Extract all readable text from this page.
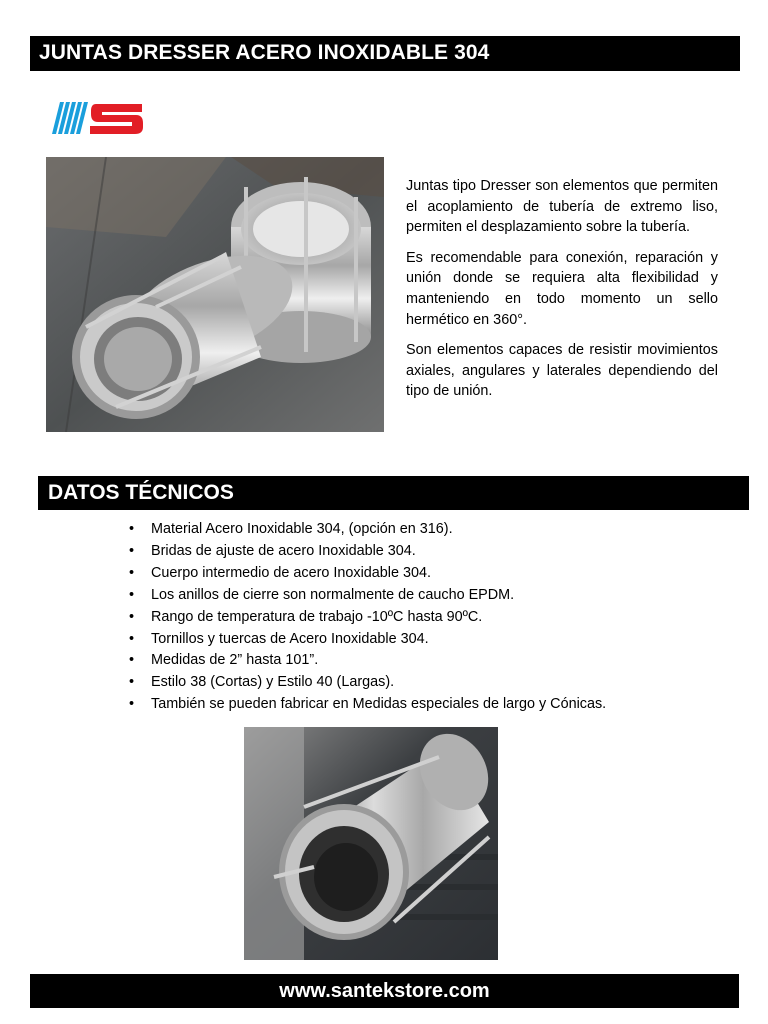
JUNTAS DRESSER ACERO INOXIDABLE 304

Juntas tipo Dresser son elementos que permiten el acoplamiento de tubería de extremo liso, permiten el desplazamiento sobre la tubería.

Es recomendable para conexión, reparación y unión donde se requiera alta flexibilidad y manteniendo en todo momento un sello hermético en 360°.

Son elementos capaces de resistir movimientos axiales, angulares y laterales dependiendo del tipo de unión.

DATOS TÉCNICOS
• Material Acero Inoxidable 304, (opción en 316).
• Bridas de ajuste de acero Inoxidable 304.
• Cuerpo intermedio de acero Inoxidable 304.
• Los anillos de cierre son normalmente de caucho EPDM.
• Rango de temperatura de trabajo -10ºC hasta 90ºC.
• Tornillos y tuercas de Acero Inoxidable 304.
• Medidas de 2” hasta 101”.
• Estilo 38 (Cortas) y Estilo 40 (Largas).
• También se pueden fabricar en Medidas especiales de largo y Cónicas.
www.santekstore.com
